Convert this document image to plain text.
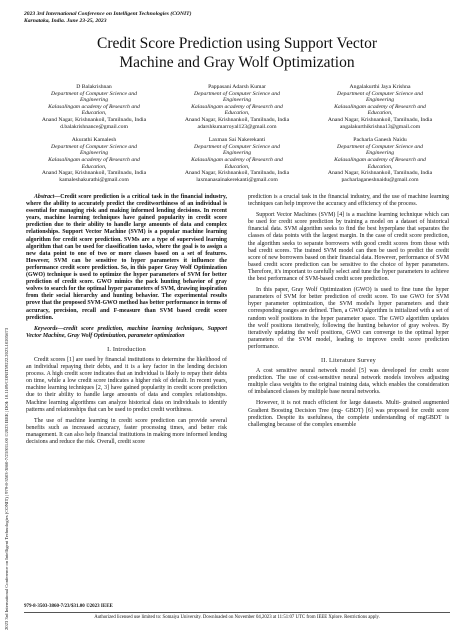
2023 3rd International Conference on Intelligent Technologies (CONIT)
Karnataka, India. June 23-25, 2023
Credit Score Prediction using Support Vector
Machine and Gray Wolf Optimization
D Balakrishnan
Department of Computer Science and
Engineering
Kalasalingam academy of Research and
Education,
Anand Nagar, Krishnankoil, Tamilnadu, India
d.balakrishnance@gmail.com
Pappasani Adarsh Kumar
Department of Computer Science and
Engineering
Kalasalingam academy of Research and
Education,
Anand Nagar, Krishnankoil, Tamilnadu, India
adarshkumarroyal123@gmail.com
Angalakurthi Jaya Krishna
Department of Computer Science and
Engineering
Kalasalingam academy of Research and
Education,
Anand Nagar, Krishnankoil, Tamilnadu, India
angalakurthikrishna13@gmail.com
Akurathi Kamalesh
Department of Computer Science and
Engineering
Kalasalingam academy of Research and
Education,
Anand Nagar, Krishnankoil, Tamilnadu, India
kamaleshakurathi@gmail.com
Laxman Sai Nakerekanti
Department of Computer Science and
Engineering
Kalasalingam academy of Research and
Education,
Anand Nagar, Krishnankoil, Tamilnadu, India
laxmanasainakerekanti@gmail.com
Pacharla Ganesh Naidu
Department of Computer Science and
Engineering
Kalasalingam academy of Research and
Education,
Anand Nagar, Krishnankoil, Tamilnadu, India
pacharlaganeshnaidu@gmail.com
2023 3rd International Conference on Intelligent Technologies (CONIT) | 979-8-3503-3860-7/23/$31.00 ©2023 IEEE | DOI: 10.1109/CONIT59222.2023.10205673

Abstract—Credit score prediction is a critical task in the financial industry, where the ability to accurately predict the creditworthiness of an individual is essential for managing risk and making informed lending decisions. In recent years, machine learning techniques have gained popularity in credit score prediction due to their ability to handle large amounts of data and complex relationships. Support Vector Machine (SVM) is a popular machine learning algorithm for credit score prediction. SVMs are a type of supervised learning algorithm that can be used for classification tasks, where the goal is to assign a new data point to one of two or more classes based on a set of features. However, SVM can be sensitive to hyper parameters it influence the performance credit score prediction. So, in this paper Gray Wolf Optimization (GWO) technique is used to optimize the hyper parameters of SVM for better prediction of credit score. GWO mimics the pack hunting behavior of gray wolves to search for the optimal hyper parameters of SVM, drawing inspiration from their social hierarchy and hunting behavior. The experimental results prove that the proposed SVM-GWO method has better performance in terms of accuracy, precision, recall and F-measure than SVM based credit score prediction.

Keywords—credit score prediction, machine learning techniques, Support Vector Machine, Gray Wolf Optimization, parameter optimization

I. Introduction

Credit scores [1] are used by financial institutions to determine the likelihood of an individual repaying their debts, and it is a key factor in the lending decision process. A high credit score indicates that an individual is likely to repay their debts on time, while a low credit score indicates a higher risk of default. In recent years, machine learning techniques [2, 3] have gained popularity in credit score prediction due to their ability to handle large amounts of data and complex relationships. Machine learning algorithms can analyze historical data on individuals to identify patterns and relationships that can be used to predict credit worthiness.

The use of machine learning in credit score prediction can provide several benefits such as increased accuracy, faster processing times, and better risk management. It can also help financial institutions in making more informed lending decisions and reduce the risk. Overall, credit score

prediction is a crucial task in the financial industry, and the use of machine learning techniques can help improve the accuracy and efficiency of the process.

Support Vector Machines (SVM) [4] is a machine learning technique which can be used for credit score prediction by training a model on a dataset of historical financial data. SVM algorithm seeks to find the best hyperplane that separates the classes of data points with the largest margin. In the case of credit score prediction, the algorithm seeks to separate borrowers with good credit scores from those with bad credit scores. The trained SVM model can then be used to predict the credit score of new borrowers based on their financial data. However, performance of SVM based credit score prediction can be sensitive to the choice of hyper parameters. Therefore, it's important to carefully select and tune the hyper parameters to achieve the best performance of SVM-based credit score prediction.

In this paper, Gray Wolf Optimization (GWO) is used to fine tune the hyper parameters of SVM for better prediction of credit score. To use GWO for SVM hyper parameter optimization, the SVM model's hyper parameters and their corresponding ranges are defined. Then, a GWO algorithm is initialized with a set of random wolf positions in the hyper parameter space. The GWO algorithm updates the wolf positions iteratively, following the hunting behavior of gray wolves. By iteratively updating the wolf positions, GWO can converge to the optimal hyper parameters of the SVM model, leading to improve credit score prediction performance.

II. Literature Survey

A cost sensitive neural network model [5] was developed for credit score prediction. The use of cost-sensitive neural network models involves adjusting multiple class weights to the original training data, which enables the consideration of imbalanced classes by multiple base neural networks.

However, it is not much efficient for large datasets. Multi- grained augmented Gradient Boosting Decision Tree (mg- GBDT) [6] was proposed for credit score prediction. Despite its usefulness, the complete understanding of mgGBDT is challenging because of the complex ensemble

979-8-3503-3860-7/23/$31.00 ©2023 IEEE
Authorized licensed use limited to: Somaiya University. Downloaded on November 04,2023 at 11:51:07 UTC from IEEE Xplore. Restrictions apply.
